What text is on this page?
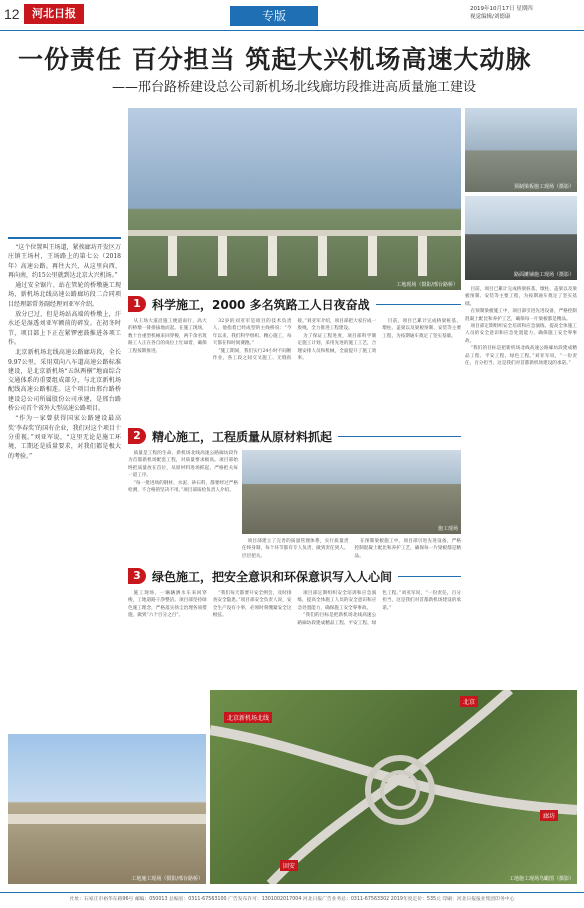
12	河北日报	专版	2019年10月17日 星期四
视觉编辑/刘德康
一份责任 百分担当 筑起大兴机场高速大动脉
——邢台路桥建设总公司新机场北线廊坊段推进高质量施工建设
工地现场（摄影/邢台路桥）
预制梁板施工现场（摄影）
路面摊铺施工现场（摄影）

“这个位置叫王场道，紧挨廊坊开发区万庄镇王场村，王场路上的第七公（2018年）高速公路。再往大兴，从这里向西、再向南，约15公里就到达北京大兴机场。”

通过安全锯片、站在管轮的桥墩施工现场，新机场北线高速公路廊坊段二合同项目经理部常务副经理刘亚军介绍。

放分已过，但是场站高端的桥墩上，汗水还是湿透刘亚军额前的碎发。在初冬时节，项目部上下正在紧锣密鼓推进各项工作。

北京新机场北线高速公路廊坊段，全长9.97公里，采用双向八车道高速公路标准建设，是北京新机场“五纵两横”地面综合交通体系的重要组成部分，与北京新机场配线高速公路相连。这个项目由邢台路桥建设总公司所属股份公司承建，是邢台路桥公司首个省外大型高速公路项目。

“作为一家曾获得国家公路建设最高奖‘李春奖’的国有企业，我们对这个项目十分重视。”刘亚军说，“这里无论是施工环境、工期还是质量要求，对我们都是极大的考验。”

1 科学施工，2000 多名筑路工人日夜奋战

从王场大道沿施工便道南行，高大的桥墩一排排拔地而起。在施工现场，数十台重型机械来回穿梭，两千余名筑路工人正在各自的岗位上忙碌着，确保工程按期推进。

32岁的刘亚军是项目的技术负责人，他指着已经成型的主线桥说：“今年以来，我们科学组织、精心施工，每天都在和时间赛跑。”

“施工期间，我们实行24小时不间断作业，各工段之间交叉施工、无缝衔接。”刘亚军介绍，项目部把大家拧成一股绳，全力推进工程建设。

为了保证工程进度，项目部科学制定施工计划，采用先进的施工工艺，合理安排人员和机械，全面提升了施工效率。

目前，项目已累计完成桥梁桩基、墩柱、盖梁以及梁板预制、安装等主要工程，为按期通车奠定了坚实基础。

2 精心施工，工程质量从原材料抓起

质量是工程的生命。新机场北线高速公路廊坊段作为首都新机场配套工程，对质量要求极高。项目部始终把质量放在首位，从原材料进场抓起，严格把关每一道工序。

“每一批进场的钢材、水泥、砂石料，都要经过严格检测，不合格的坚决不用。”项目部质检负责人介绍。

施工现场

项目部建立了完善的质量管理体系，实行质量责任终身制，每个环节都有专人负责，做到责任到人、层层把关。

在预制梁板施工中，项目部引进先进设备，严格控制混凝土配比和养护工艺，确保每一片梁板都是精品。

3 绿色施工，把安全意识和环保意识写入人心间

施工现场，一辆辆洒水车来回穿梭，工地道路干净整洁。项目部坚持绿色施工理念，严格落实扬尘治理各项措施，做到“六个百分之百”。

“我们每天都要开安全例会，及时排查安全隐患。”项目部安全负责人说，安全生产没有小事，必须时刻绷紧安全这根弦。

项目部定期组织安全培训和应急演练，提高全体施工人员的安全意识和应急处置能力，确保施工安全零事故。

“我们的目标是把新机场北线高速公路廊坊段建成精品工程、平安工程、绿色工程。”刘亚军说，“一份责任，百分担当，这是我们对首都新机场建设的承诺。”

目前，项目已累计完成桥梁桩基、墩柱、盖梁以及梁板预制、安装等主要工程，为按期通车奠定了坚实基础。

在预制梁板施工中，项目部引进先进设备，严格控制混凝土配比和养护工艺，确保每一片梁板都是精品。

项目部定期组织安全培训和应急演练，提高全体施工人员的安全意识和应急处置能力，确保施工安全零事故。

“我们的目标是把新机场北线高速公路廊坊段建成精品工程、平安工程、绿色工程。”刘亚军说，“一份责任，百分担当，这是我们对首都新机场建设的承诺。”

工地施工现场（摄影/邢台路桥）
北京新机场北线
廊坊
北京
固安
工地施工现场鸟瞰图（摄影）
社址：石家庄市裕华东路96号 邮编：050013 总编室：0311-67563100 广告发布许可：1301002017004 河北日报广告业务总：0311-67563302 2019年度定价：535元 印刷：河北日报报业集团印务中心
